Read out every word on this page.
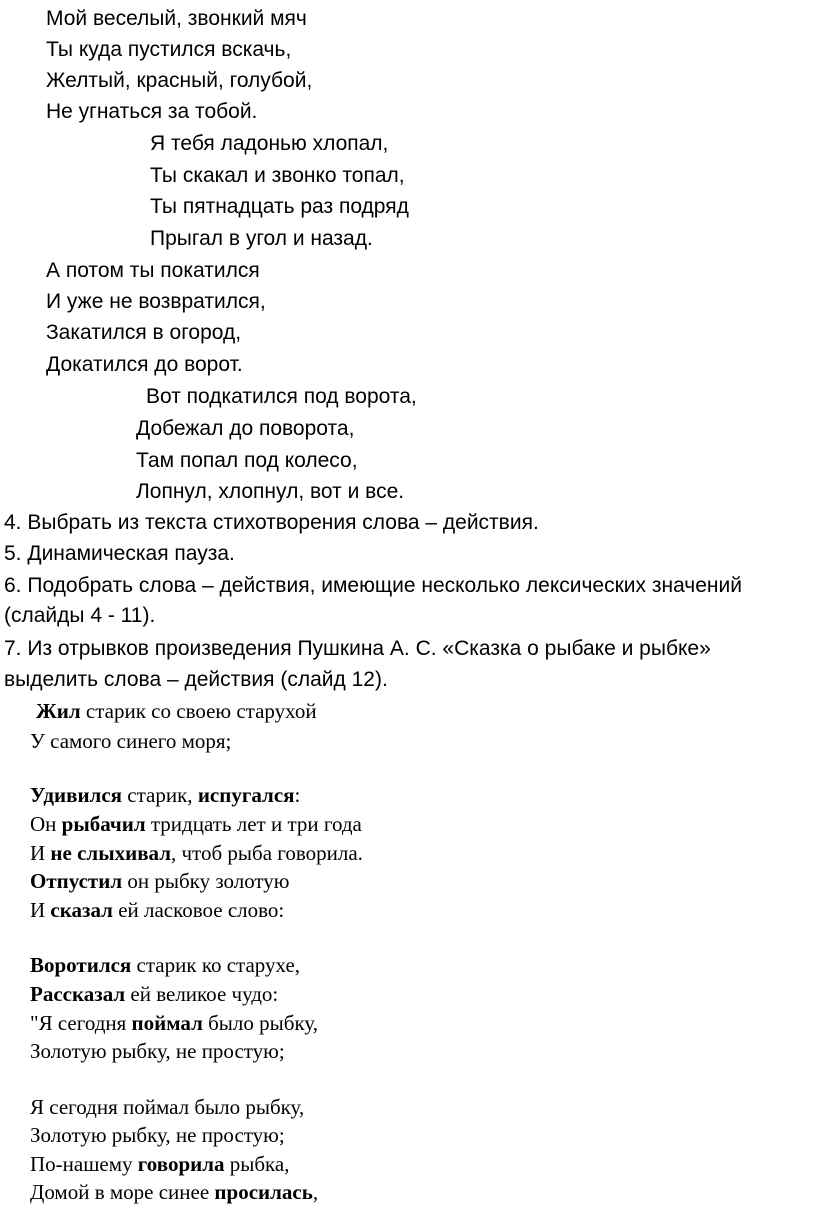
Мой веселый, звонкий мяч
Ты куда пустился вскачь,
Желтый, красный, голубой,
Не угнаться за тобой.
Я тебя ладонью хлопал,
Ты скакал и звонко топал,
Ты пятнадцать раз подряд
Прыгал в угол и назад.
А потом ты покатился
И уже не возвратился,
Закатился в огород,
Докатился до ворот.
Вот подкатился под ворота,
Добежал до поворота,
Там попал под колесо,
Лопнул, хлопнул, вот и все.
4. Выбрать из текста стихотворения слова – действия.
5. Динамическая пауза.
6. Подобрать слова – действия, имеющие несколько лексических значений
(слайды 4 - 11).
7. Из отрывков произведения Пушкина А. С. «Сказка о рыбаке и рыбке»
выделить слова – действия (слайд 12).
Жил старик со своею старухой
У самого синего моря;
Удивился старик, испугался:
Он рыбачил тридцать лет и три года
И не слыхивал, чтоб рыба говорила.
Отпустил он рыбку золотую
И сказал ей ласковое слово:
Воротился старик ко старухе,
Рассказал ей великое чудо:
"Я сегодня поймал было рыбку,
Золотую рыбку, не простую;
Я сегодня поймал было рыбку,
Золотую рыбку, не простую;
По-нашему говорила рыбка,
Домой в море синее просилась,
